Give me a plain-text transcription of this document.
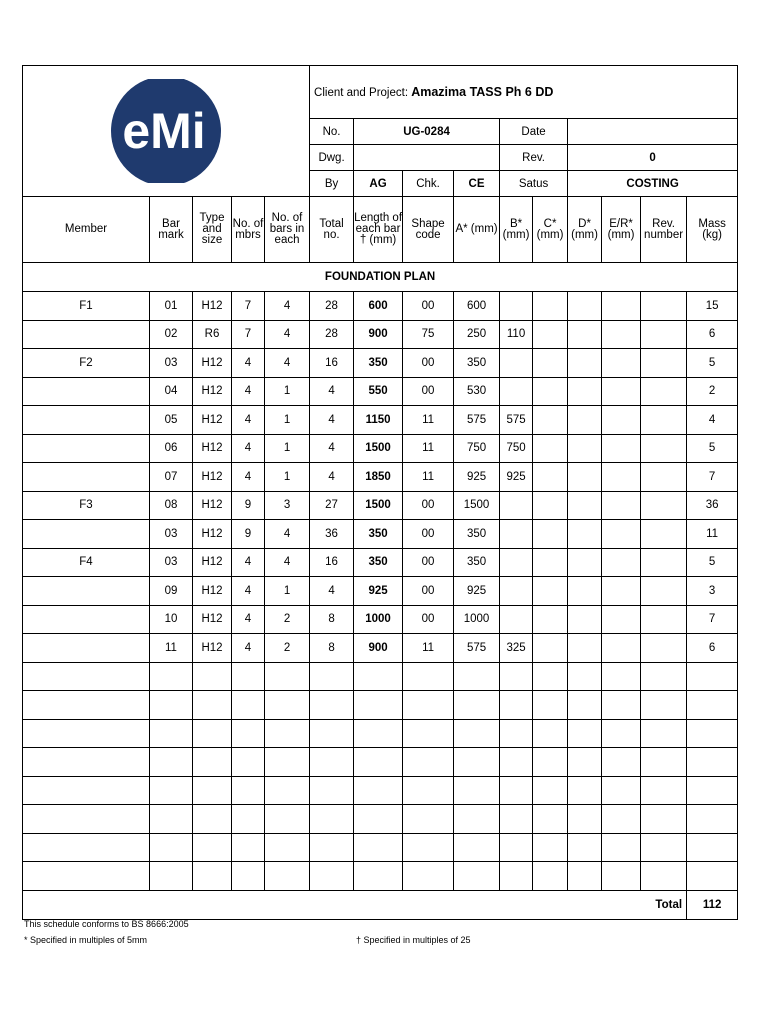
eMi					Client and Project: Amazima TASS Ph 6 DD									
					No.	UG-0284			Date					
					Dwg.				Rev.		0			
					By	AG	Chk.	CE	Satus		COSTING			
Member	Bar mark	Type and size	No. of mbrs	No. of bars in each	Total no.	Length of each bar † (mm)	Shape code	A* (mm)	B* (mm)	C* (mm)	D* (mm)	E/R* (mm)	Rev. number	Mass (kg)
FOUNDATION PLAN														
F1	01	H12	7	4	28	600	00	600						15
	02	R6	7	4	28	900	75	250	110					6
F2	03	H12	4	4	16	350	00	350						5
	04	H12	4	1	4	550	00	530						2
	05	H12	4	1	4	1150	11	575	575					4
	06	H12	4	1	4	1500	11	750	750					5
	07	H12	4	1	4	1850	11	925	925					7
F3	08	H12	9	3	27	1500	00	1500						36
	03	H12	9	4	36	350	00	350						11
F4	03	H12	4	4	16	350	00	350						5
	09	H12	4	1	4	925	00	925						3
	10	H12	4	2	8	1000	00	1000						7
	11	H12	4	2	8	900	11	575	325					6

Total														112
This schedule conforms to BS 8666:2005
* Specified in multiples of 5mm	† Specified in multiples of 25
